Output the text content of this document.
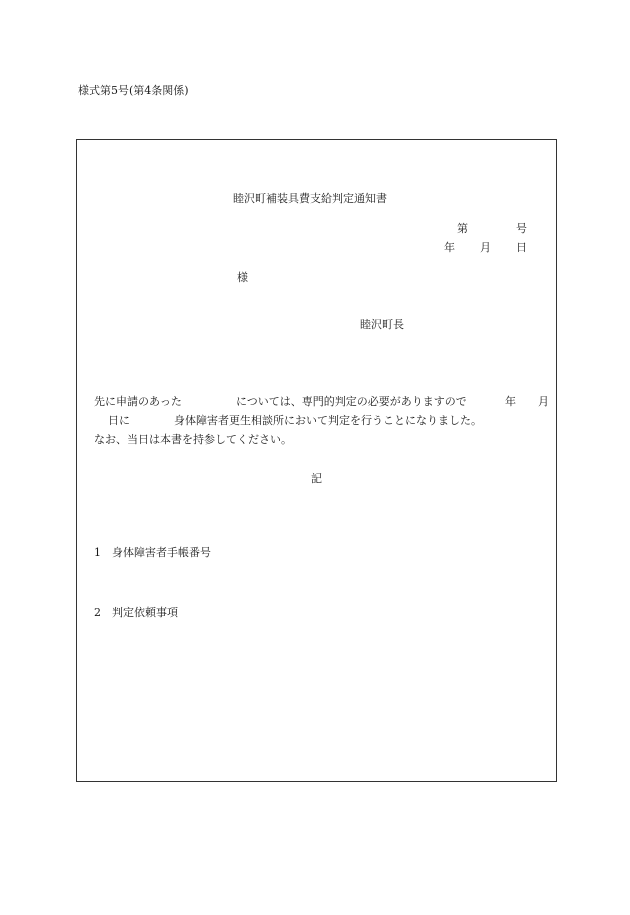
様式第5号(第4条関係)
睦沢町補装具費支給判定通知書
第	号
年 月 日
様
睦沢町長
先に申請のあった	については、専門的判定の必要がありますので	年 月
日に	身体障害者更生相談所において判定を行うことになりました。
なお、当日は本書を持参してください。
記
1 身体障害者手帳番号
2 判定依頼事項
